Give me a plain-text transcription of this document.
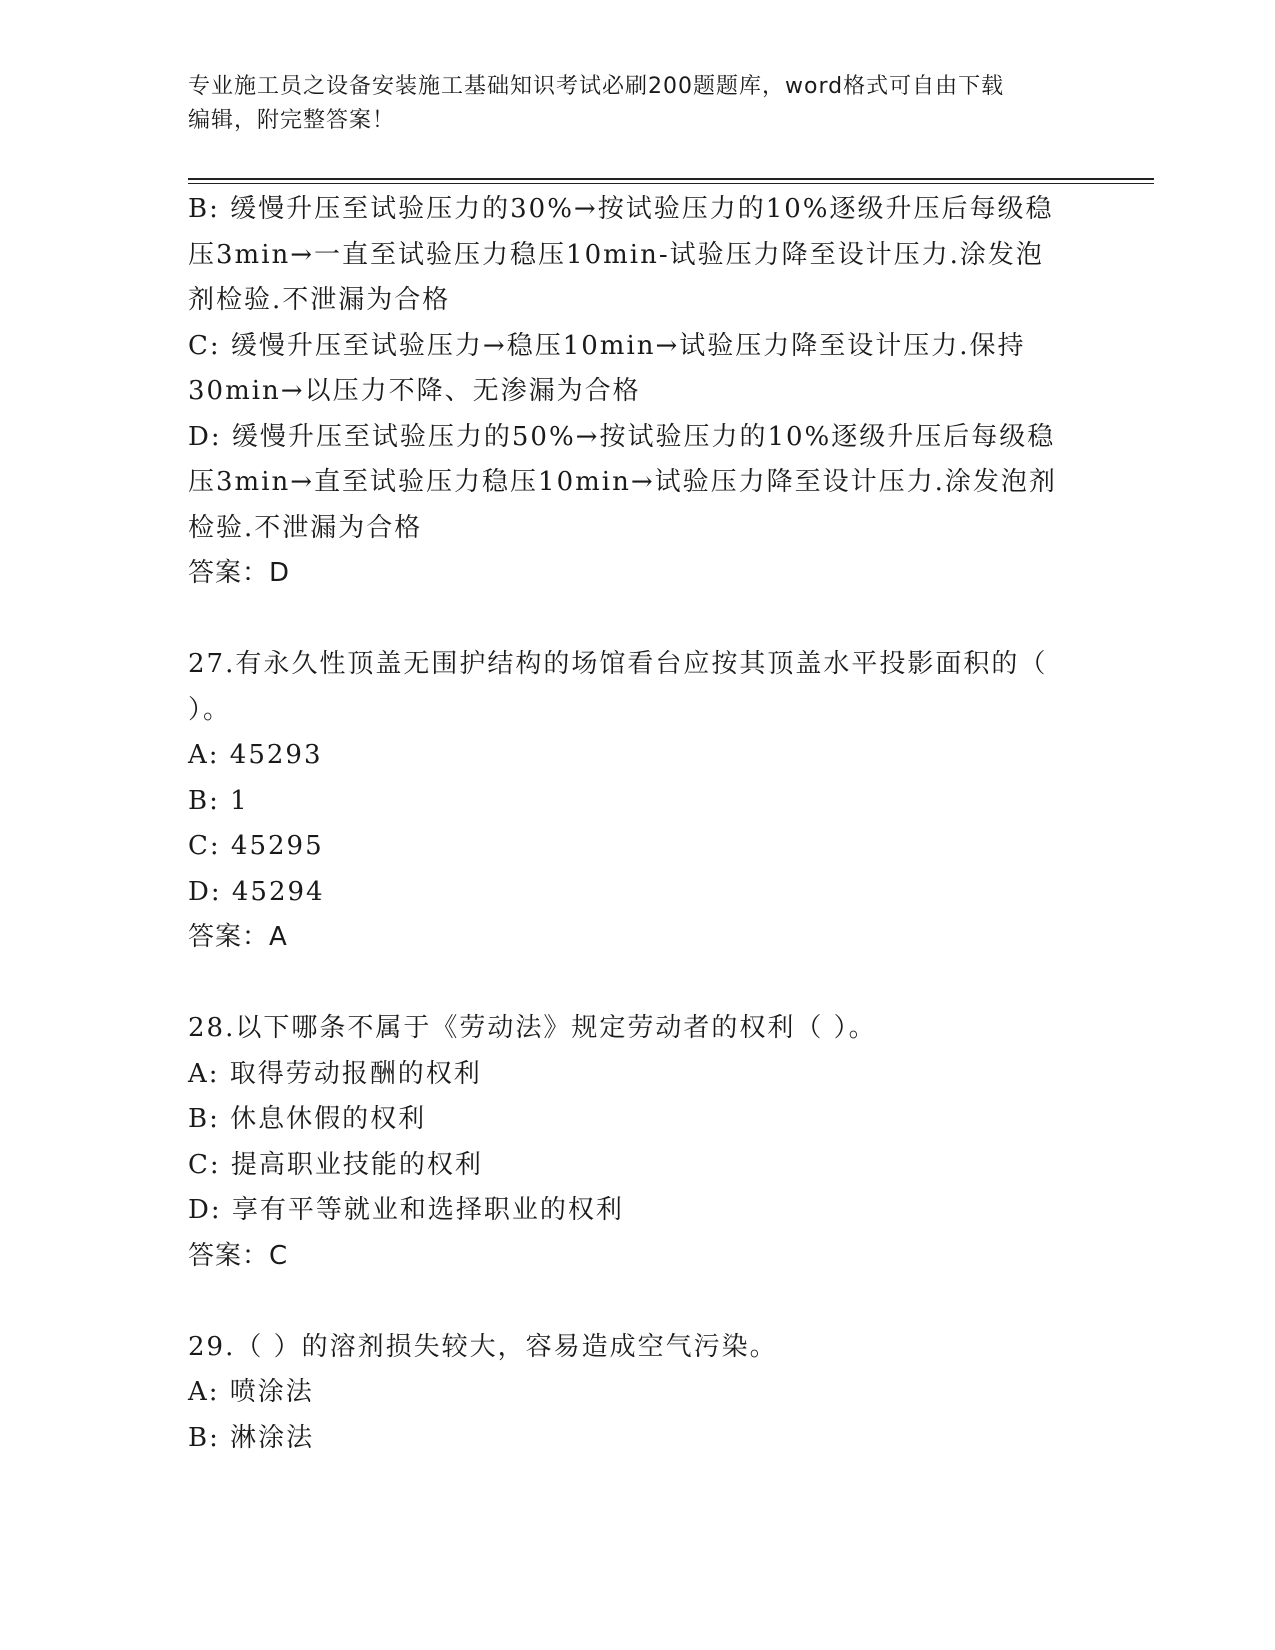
专业施工员之设备安装施工基础知识考试必刷200题题库，word格式可自由下载
编辑，附完整答案！
B: 缓慢升压至试验压力的30%→按试验压力的10%逐级升压后每级稳
压3min→一直至试验压力稳压10min-试验压力降至设计压力.涂发泡
剂检验.不泄漏为合格
C: 缓慢升压至试验压力→稳压10min→试验压力降至设计压力.保持
30min→以压力不降、无渗漏为合格
D: 缓慢升压至试验压力的50%→按试验压力的10%逐级升压后每级稳
压3min→直至试验压力稳压10min→试验压力降至设计压力.涂发泡剂
检验.不泄漏为合格
答案：D
27.有永久性顶盖无围护结构的场馆看台应按其顶盖水平投影面积的（
）。
A: 45293
B: 1
C: 45295
D: 45294
答案：A
28.以下哪条不属于《劳动法》规定劳动者的权利（ ）。
A: 取得劳动报酬的权利
B: 休息休假的权利
C: 提高职业技能的权利
D: 享有平等就业和选择职业的权利
答案：C
29.（ ）的溶剂损失较大，容易造成空气污染。
A: 喷涂法
B: 淋涂法
